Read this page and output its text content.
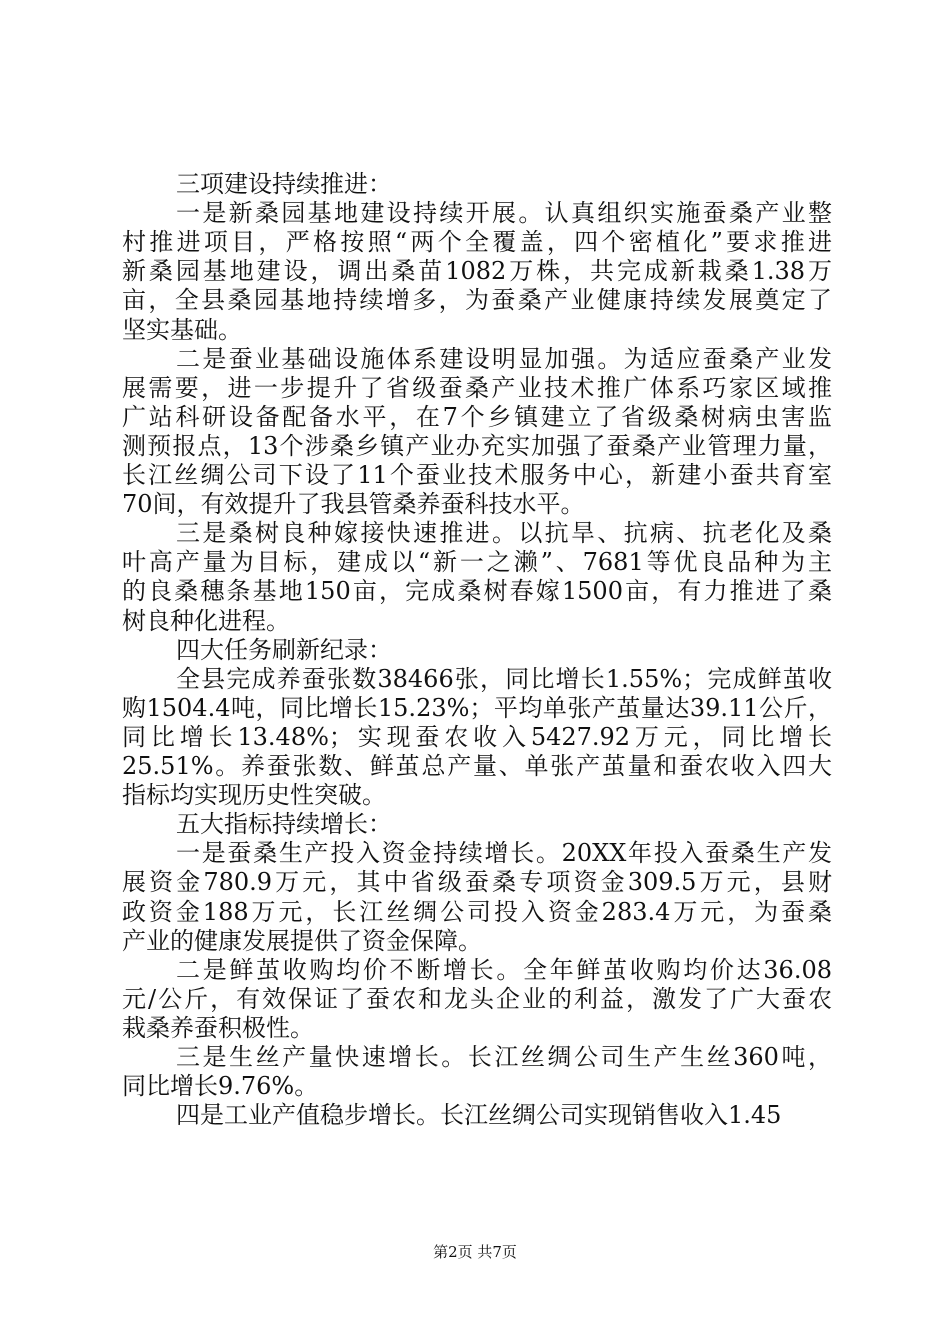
三项建设持续推进：
一是新桑园基地建设持续开展。认真组织实施蚕桑产业整
村推进项目，严格按照“两个全覆盖，四个密植化”要求推进
新桑园基地建设，调出桑苗1082万株，共完成新栽桑1.38万
亩，全县桑园基地持续增多，为蚕桑产业健康持续发展奠定了
坚实基础。
二是蚕业基础设施体系建设明显加强。为适应蚕桑产业发
展需要，进一步提升了省级蚕桑产业技术推广体系巧家区域推
广站科研设备配备水平，在7个乡镇建立了省级桑树病虫害监
测预报点，13个涉桑乡镇产业办充实加强了蚕桑产业管理力量，
长江丝绸公司下设了11个蚕业技术服务中心，新建小蚕共育室
70间，有效提升了我县管桑养蚕科技水平。
三是桑树良种嫁接快速推进。以抗旱、抗病、抗老化及桑
叶高产量为目标，建成以“新一之濑”、7681等优良品种为主
的良桑穗条基地150亩，完成桑树春嫁1500亩，有力推进了桑
树良种化进程。
四大任务刷新纪录：
全县完成养蚕张数38466张，同比增长1.55%；完成鲜茧收
购1504.4吨，同比增长15.23%；平均单张产茧量达39.11公斤，
同比增长13.48%；实现蚕农收入5427.92万元，同比增长
25.51%。养蚕张数、鲜茧总产量、单张产茧量和蚕农收入四大
指标均实现历史性突破。
五大指标持续增长：
一是蚕桑生产投入资金持续增长。20XX年投入蚕桑生产发
展资金780.9万元，其中省级蚕桑专项资金309.5万元，县财
政资金188万元，长江丝绸公司投入资金283.4万元，为蚕桑
产业的健康发展提供了资金保障。
二是鲜茧收购均价不断增长。全年鲜茧收购均价达36.08
元/公斤，有效保证了蚕农和龙头企业的利益，激发了广大蚕农
栽桑养蚕积极性。
三是生丝产量快速增长。长江丝绸公司生产生丝360吨，
同比增长9.76%。
四是工业产值稳步增长。长江丝绸公司实现销售收入1.45
第2页 共7页
